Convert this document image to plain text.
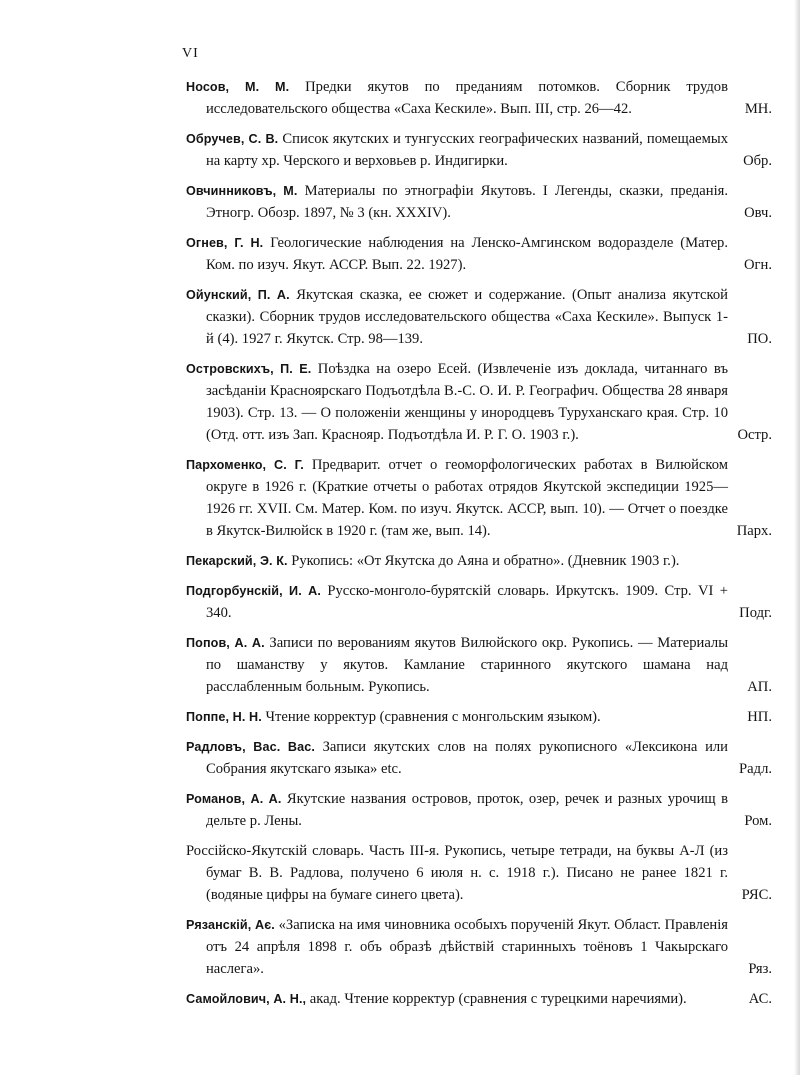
VI
Носов, М. М. Предки якутов по преданиям потомков. Сборник трудов исследовательского общества «Саха Кескиле». Вып. III, стр. 26—42.	МН.
Обручев, С. В. Список якутских и тунгусских географических названий, помещаемых на карту хр. Черского и верховьев р. Индигирки.	Обр.
Овчинниковъ, М. Материалы по этнографіи Якутовъ. I Легенды, сказки, преданія. Этногр. Обозр. 1897, № 3 (кн. XXXIV).	Овч.
Огнев, Г. Н. Геологические наблюдения на Ленско-Амгинском водоразделе (Матер. Ком. по изуч. Якут. АССР. Вып. 22. 1927).	Огн.
Ойунский, П. А. Якутская сказка, ее сюжет и содержание. (Опыт анализа якутской сказки). Сборник трудов исследовательского общества «Саха Кескиле». Выпуск 1-й (4). 1927 г. Якутск. Стр. 98—139.	ПО.
Островскихъ, П. Е. Поѣздка на озеро Есей. (Извлеченіе изъ доклада, читаннаго въ засѣданіи Красноярскаго Подъотдѣла В.-С. О. И. Р. Географич. Общества 28 января 1903). Стр. 13. — О положеніи женщины у инородцевъ Туруханскаго края. Стр. 10 (Отд. отт. изъ Зап. Краснояр. Подъотдѣла И. Р. Г. О. 1903 г.).	Остр.
Пархоменко, С. Г. Предварит. отчет о геоморфологических работах в Вилюйском округе в 1926 г. (Краткие отчеты о работах отрядов Якутской экспедиции 1925—1926 гг. XVII. См. Матер. Ком. по изуч. Якутск. АССР, вып. 10). — Отчет о поездке в Якутск-Вилюйск в 1920 г. (там же, вып. 14).	Парх.
Пекарский, Э. К. Рукопись: «От Якутска до Аяна и обратно». (Дневник 1903 г.).
Подгорбунскій, И. А. Русско-монголо-бурятскій словарь. Иркутскъ. 1909. Стр. VI + 340.	Подг.
Попов, А. А. Записи по верованиям якутов Вилюйского окр. Рукопись. — Материалы по шаманству у якутов. Камлание старинного якутского шамана над расслабленным больным. Рукопись.	АП.
Поппе, Н. Н. Чтение корректур (сравнения с монгольским языком).	НП.
Радловъ, Вас. Вас. Записи якутских слов на полях рукописного «Лексикона или Собрания якутскагo языка» etc.	Радл.
Романов, А. А. Якутские названия островов, проток, озер, речек и разных урочищ в дельте р. Лены.	Ром.
Россійско-Якутскій словарь. Часть III-я. Рукопись, четыре тетради, на буквы А-Л (из бумаг В. В. Радлова, получено 6 июля н. с. 1918 г.). Писано не ранее 1821 г. (водяные цифры на бумаге синего цвета).	РЯС.
Рязанскій, Ає. «Записка на имя чиновника особыхъ порученій Якут. Област. Правленія отъ 24 апрѣля 1898 г. объ образѣ дѣйствій старинныхъ тоёновъ 1 Чакырскаго наслега».	Ряз.
Самойлович, А. Н., акад. Чтение корректур (сравнения с турецкими наречиями).	АС.
